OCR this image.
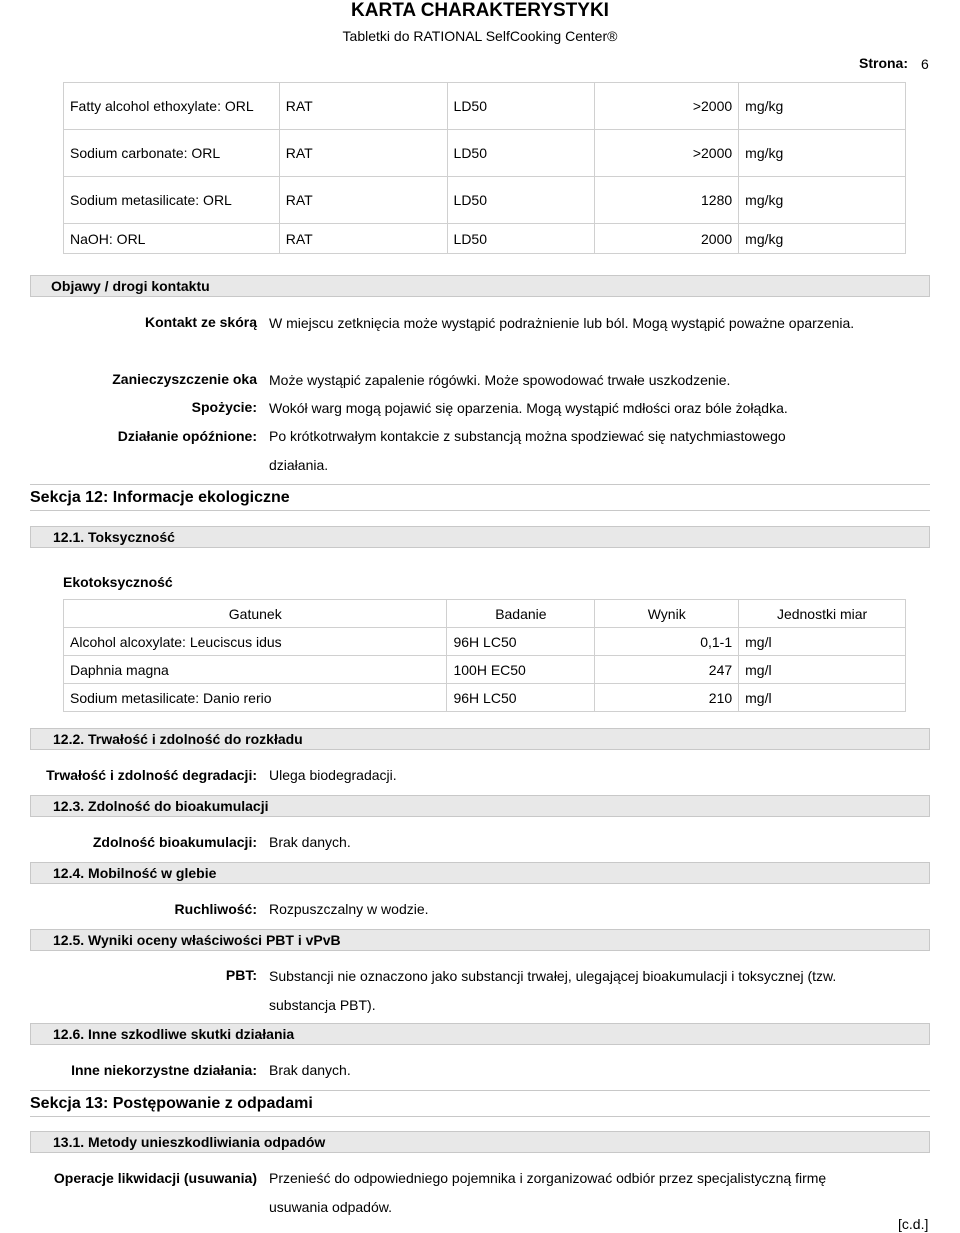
KARTA CHARAKTERYSTYKI
Tabletki do RATIONAL SelfCooking Center®
Strona: 6
Fatty alcohol ethoxylate: ORL	RAT	LD50	>2000	mg/kg
Sodium carbonate: ORL	RAT	LD50	>2000	mg/kg
Sodium metasilicate: ORL	RAT	LD50	1280	mg/kg
NaOH: ORL	RAT	LD50	2000	mg/kg
Objawy / drogi kontaktu
Kontakt ze skórą W miejscu zetknięcia może wystąpić podrażnienie lub ból. Mogą wystąpić poważne oparzenia.
Zanieczyszczenie oka Może wystąpić zapalenie rógówki. Może spowodować trwałe uszkodzenie.
Spożycie: Wokół warg mogą pojawić się oparzenia. Mogą wystąpić mdłości oraz bóle żołądka.
Działanie opóźnione: Po krótkotrwałym kontakcie z substancją można spodziewać się natychmiastowego działania.
Sekcja 12: Informacje ekologiczne
12.1. Toksyczność
Ekotoksyczność
Gatunek	Badanie	Wynik	Jednostki miar
Alcohol alcoxylate: Leuciscus idus	96H LC50	0,1-1	mg/l
Daphnia magna	100H EC50	247	mg/l
Sodium metasilicate: Danio rerio	96H LC50	210	mg/l
12.2. Trwałość i zdolność do rozkładu
Trwałość i zdolność degradacji: Ulega biodegradacji.
12.3. Zdolność do bioakumulacji
Zdolność bioakumulacji: Brak danych.
12.4. Mobilność w glebie
Ruchliwość: Rozpuszczalny w wodzie.
12.5. Wyniki oceny właściwości PBT i vPvB
PBT: Substancji nie oznaczono jako substancji trwałej, ulegającej bioakumulacji i toksycznej (tzw. substancja PBT).
12.6. Inne szkodliwe skutki działania
Inne niekorzystne działania: Brak danych.
Sekcja 13: Postępowanie z odpadami
13.1. Metody unieszkodliwiania odpadów
Operacje likwidacji (usuwania) Przenieść do odpowiedniego pojemnika i zorganizować odbiór przez specjalistyczną firmę usuwania odpadów.
[c.d.]
